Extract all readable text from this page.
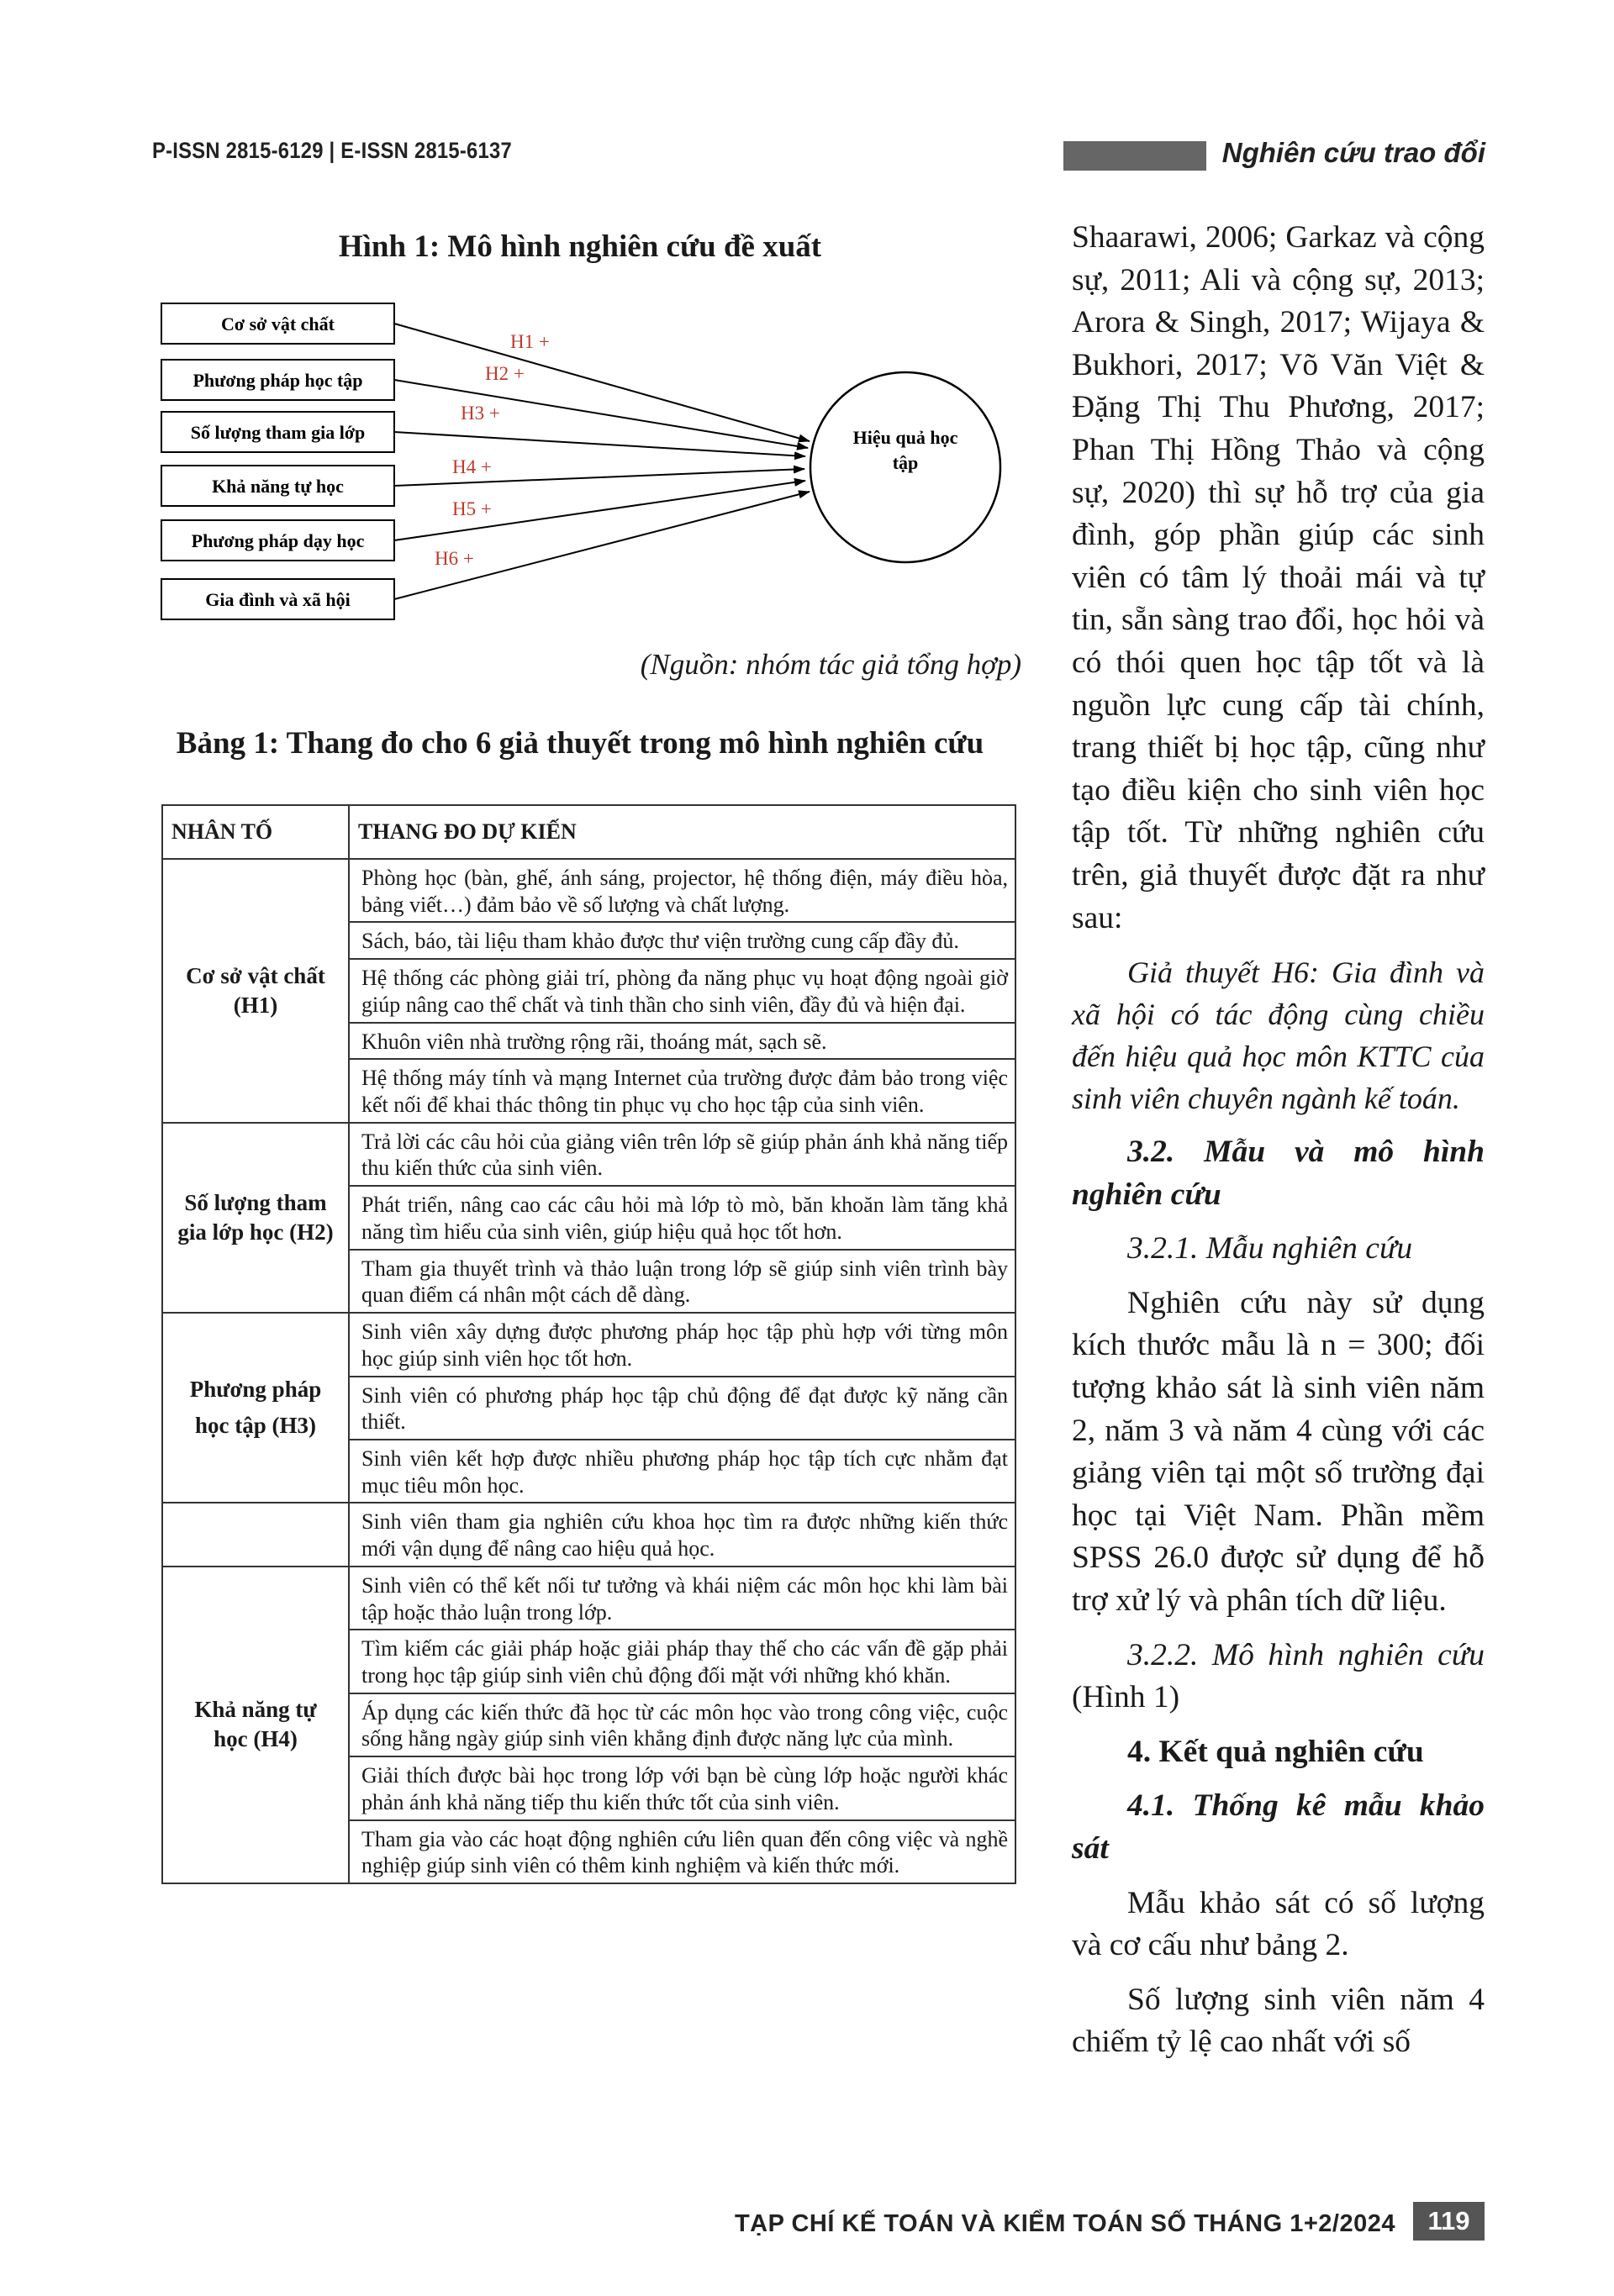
P-ISSN 2815-6129 | E-ISSN 2815-6137	Nghiên cứu trao đổi
Hình 1: Mô hình nghiên cứu đề xuất
Cơ sở vật chất
H1 +
Phương pháp học tập	H2 +
Số lượng tham gia lớp
H3 +
Khả năng tự học
H4 +
Phương pháp dạy học
H5 +
Gia đình và xã hội
H6 +
Hiệu quả học
tập
(Nguồn: nhóm tác giả tổng hợp)
Bảng 1: Thang đo cho 6 giả thuyết trong mô hình nghiên cứu
NHÂN TỐ	THANG ĐO DỰ KIẾN

Cơ sở vật chất
(H1)	Phòng học (bàn, ghế, ánh sáng, projector, hệ thống điện, máy điều hòa, bảng viết…) đảm bảo về số lượng và chất lượng.
	Sách, báo, tài liệu tham khảo được thư viện trường cung cấp đầy đủ.
	Hệ thống các phòng giải trí, phòng đa năng phục vụ hoạt động ngoài giờ giúp nâng cao thể chất và tinh thần cho sinh viên, đầy đủ và hiện đại.
	Khuôn viên nhà trường rộng rãi, thoáng mát, sạch sẽ.
	Hệ thống máy tính và mạng Internet của trường được đảm bảo trong việc kết nối để khai thác thông tin phục vụ cho học tập của sinh viên.

Số lượng tham
gia lớp học (H2)	Trả lời các câu hỏi của giảng viên trên lớp sẽ giúp phản ánh khả năng tiếp thu kiến thức của sinh viên.
	Phát triển, nâng cao các câu hỏi mà lớp tò mò, băn khoăn làm tăng khả năng tìm hiểu của sinh viên, giúp hiệu quả học tốt hơn.
	Tham gia thuyết trình và thảo luận trong lớp sẽ giúp sinh viên trình bày quan điểm cá nhân một cách dễ dàng.

Phương pháp
học tập (H3)	Sinh viên xây dựng được phương pháp học tập phù hợp với từng môn học giúp sinh viên học tốt hơn.
	Sinh viên có phương pháp học tập chủ động để đạt được kỹ năng cần thiết.
	Sinh viên kết hợp được nhiều phương pháp học tập tích cực nhằm đạt mục tiêu môn học.
	Sinh viên tham gia nghiên cứu khoa học tìm ra được những kiến thức mới vận dụng để nâng cao hiệu quả học.

Khả năng tự
học (H4)	Sinh viên có thể kết nối tư tưởng và khái niệm các môn học khi làm bài tập hoặc thảo luận trong lớp.
	Tìm kiếm các giải pháp hoặc giải pháp thay thế cho các vấn đề gặp phải trong học tập giúp sinh viên chủ động đối mặt với những khó khăn.
	Áp dụng các kiến thức đã học từ các môn học vào trong công việc, cuộc sống hằng ngày giúp sinh viên khẳng định được năng lực của mình.
	Giải thích được bài học trong lớp với bạn bè cùng lớp hoặc người khác phản ánh khả năng tiếp thu kiến thức tốt của sinh viên.
	Tham gia vào các hoạt động nghiên cứu liên quan đến công việc và nghề nghiệp giúp sinh viên có thêm kinh nghiệm và kiến thức mới.

Shaarawi, 2006; Garkaz và cộng sự, 2011; Ali và cộng sự, 2013; Arora & Singh, 2017; Wijaya & Bukhori, 2017; Võ Văn Việt & Đặng Thị Thu Phương, 2017; Phan Thị Hồng Thảo và cộng sự, 2020) thì sự hỗ trợ của gia đình, góp phần giúp các sinh viên có tâm lý thoải mái và tự tin, sẵn sàng trao đổi, học hỏi và có thói quen học tập tốt và là nguồn lực cung cấp tài chính, trang thiết bị học tập, cũng như tạo điều kiện cho sinh viên học tập tốt. Từ những nghiên cứu trên, giả thuyết được đặt ra như sau:

Giả thuyết H6: Gia đình và xã hội có tác động cùng chiều đến hiệu quả học môn KTTC của sinh viên chuyên ngành kế toán.

3.2. Mẫu và mô hình nghiên cứu

3.2.1. Mẫu nghiên cứu

Nghiên cứu này sử dụng kích thước mẫu là n = 300; đối tượng khảo sát là sinh viên năm 2, năm 3 và năm 4 cùng với các giảng viên tại một số trường đại học tại Việt Nam. Phần mềm SPSS 26.0 được sử dụng để hỗ trợ xử lý và phân tích dữ liệu.

3.2.2. Mô hình nghiên cứu (Hình 1)

4. Kết quả nghiên cứu

4.1. Thống kê mẫu khảo sát

Mẫu khảo sát có số lượng và cơ cấu như bảng 2.

Số lượng sinh viên năm 4 chiếm tỷ lệ cao nhất với số

TẠP CHÍ KẾ TOÁN VÀ KIỂM TOÁN SỐ THÁNG 1+2/2024	119
